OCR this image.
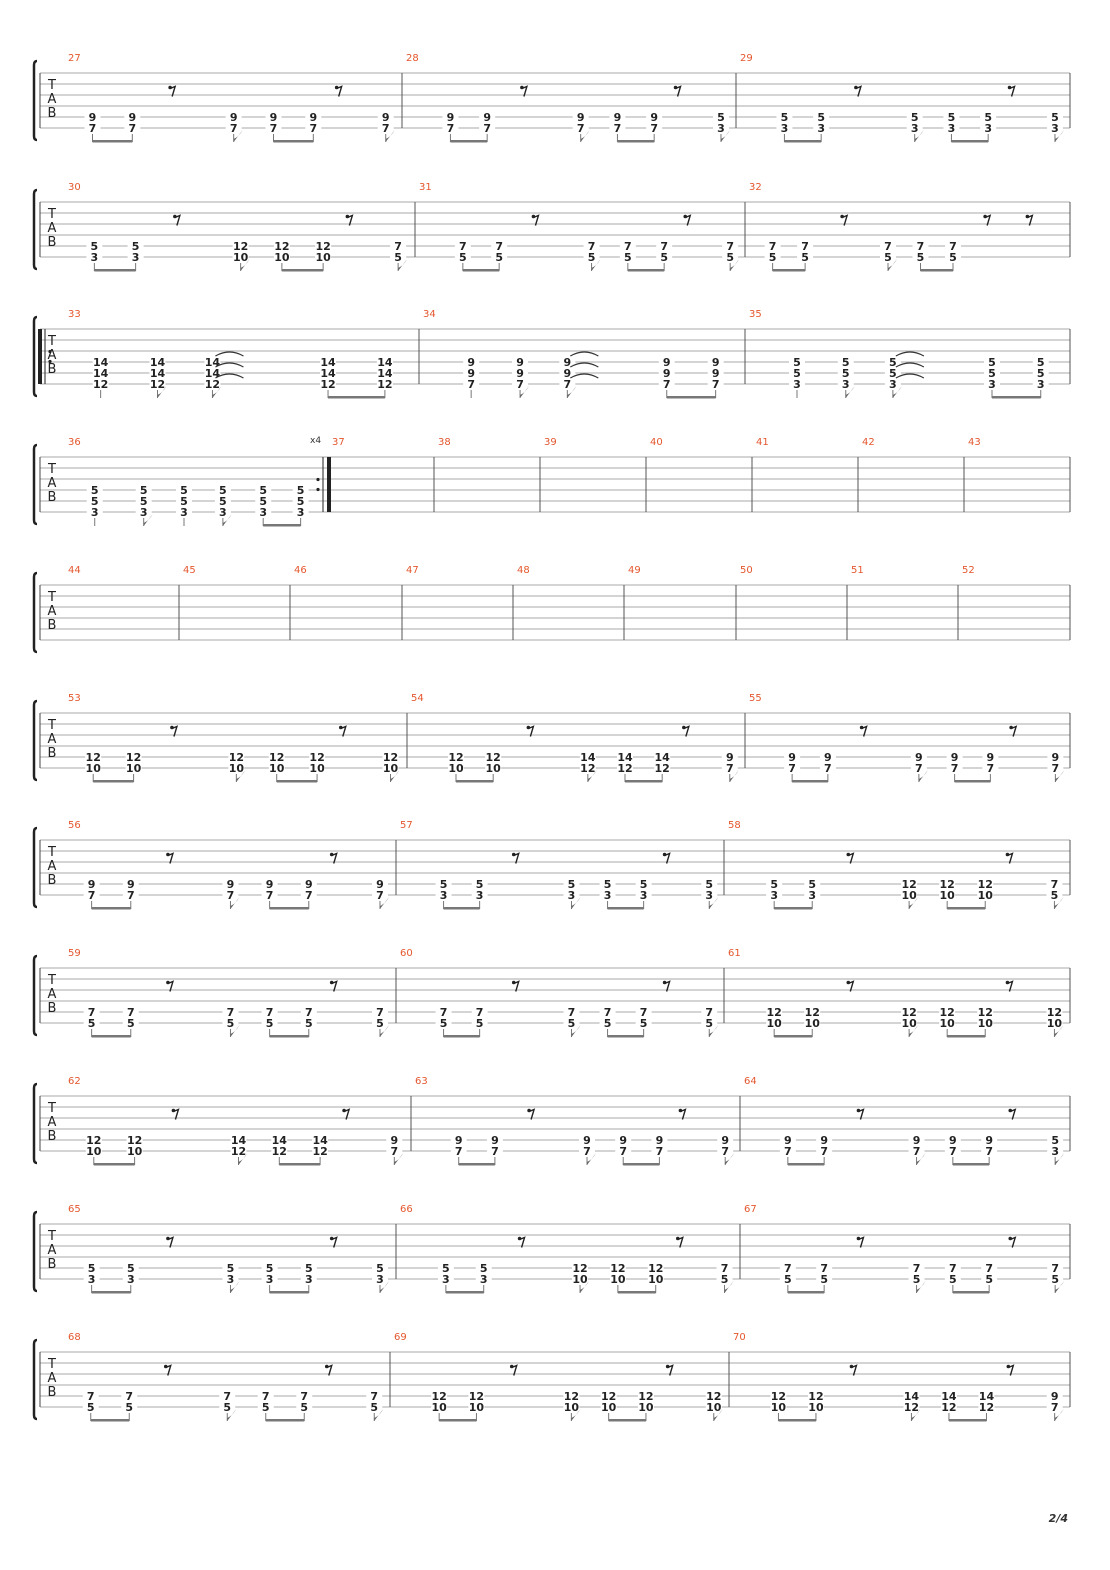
T
A
B
27
9
7
9
7
9
7
9
7
9
7
9
7
28
9
7
9
7
9
7
9
7
9
7
5
3
29
5
3
5
3
5
3
5
3
5
3
5
3
T
A
B
30
5
3
5
3
12
10
12
10
12
10
7
5
31
7
5
7
5
7
5
7
5
7
5
7
5
32
7
5
7
5
7
5
7
5
7
5
T
A
B
33
14
14
12
14
14
12
14
14
12
14
14
12
14
14
12
34
9
9
7
9
9
7
9
9
7
9
9
7
9
9
7
35
5
5
3
5
5
3
5
5
3
5
5
3
5
5
3
T
A
B
36	x4
5
5
3
5
5
3
5
5
3
5
5
3
5
5
3
5
5
3
37	38	39	40	41	42	43
T
A
B
44	45	46	47	48	49	50	51	52
T
A
B
53
12
10
12
10
12
10
12
10
12
10
12
10
54
12
10
12
10
14
12
14
12
14
12
9
7
55
9
7
9
7
9
7
9
7
9
7
9
7
T
A
B
56
9
7
9
7
9
7
9
7
9
7
9
7
57
5
3
5
3
5
3
5
3
5
3
5
3
58
5
3
5
3
12
10
12
10
12
10
7
5
T
A
B
59
7
5
7
5
7
5
7
5
7
5
7
5
60
7
5
7
5
7
5
7
5
7
5
7
5
61
12
10
12
10
12
10
12
10
12
10
12
10
T
A
B
62
12
10
12
10
14
12
14
12
14
12
9
7
63
9
7
9
7
9
7
9
7
9
7
9
7
64
9
7
9
7
9
7
9
7
9
7
5
3
T
A
B
65
5
3
5
3
5
3
5
3
5
3
5
3
66
5
3
5
3
12
10
12
10
12
10
7
5
67
7
5
7
5
7
5
7
5
7
5
7
5
T
A
B
68
7
5
7
5
7
5
7
5
7
5
7
5
69
12
10
12
10
12
10
12
10
12
10
12
10
70
12
10
12
10
14
12
14
12
14
12
9
7
2/4
